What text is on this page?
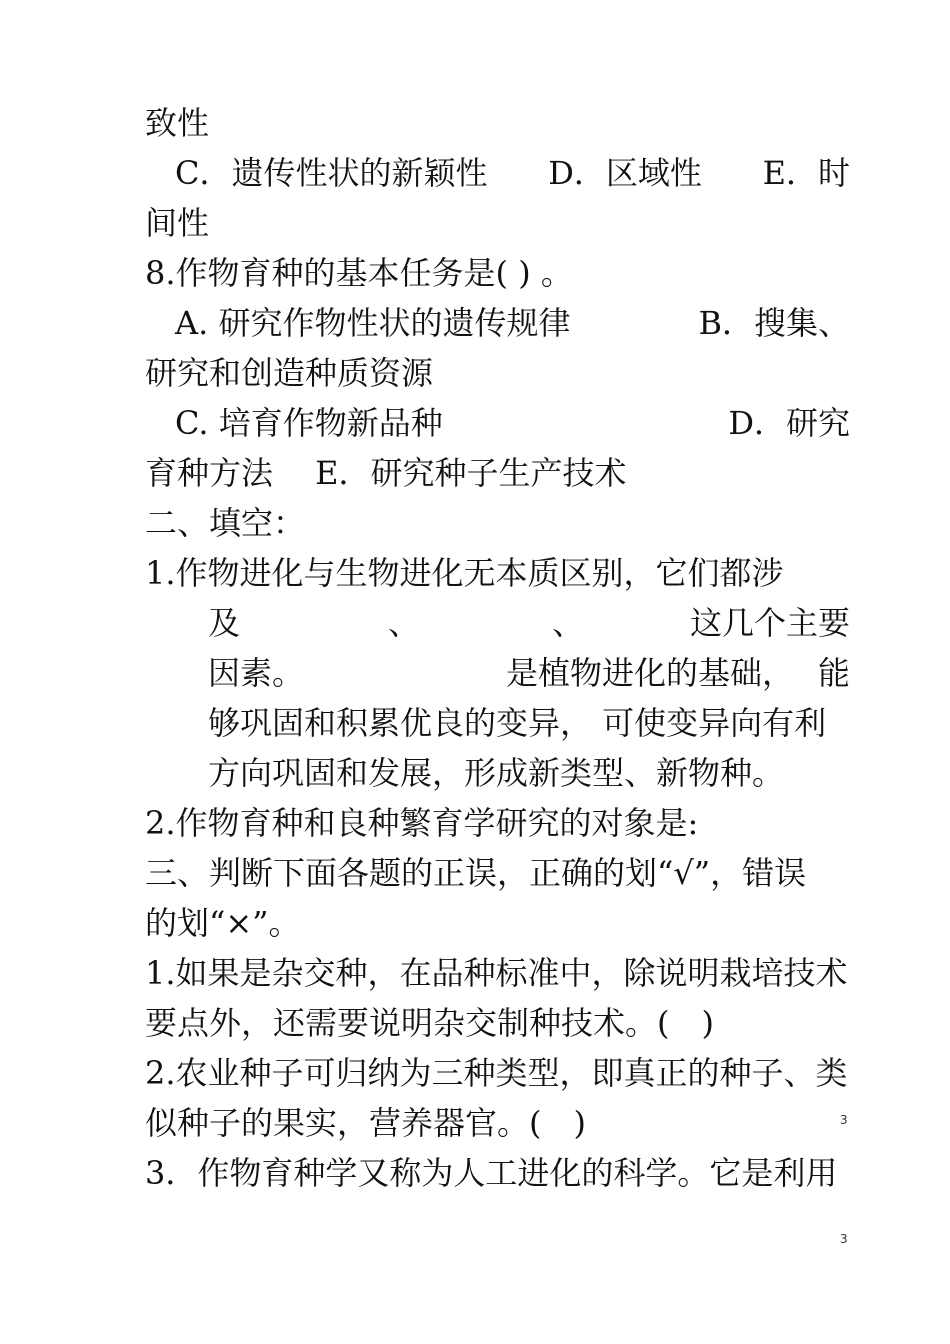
致性
C．遗传性状的新颖性 D．区域性 E．时
间性
8.作物育种的基本任务是( ) 。
A. 研究作物性状的遗传规律	B．搜集、
研究和创造种质资源
C. 培育作物新品种	D．研究
育种方法　 E．研究种子生产技术
二、填空：
1.作物进化与生物进化无本质区别，它们都涉
及	、	、	这几个主要
因素。	是植物进化的基础， 能
够巩固和积累优良的变异， 可使变异向有利
方向巩固和发展，形成新类型、新物种。
2.作物育种和良种繁育学研究的对象是:
三、判断下面各题的正误，正确的划“√”，错误
的划“×”。
1.如果是杂交种，在品种标准中，除说明栽培技术
要点外，还需要说明杂交制种技术。(　)
2.农业种子可归纳为三种类型，即真正的种子、类
似种子的果实，营养器官。(　)
3．作物育种学又称为人工进化的科学。它是利用
3
3
